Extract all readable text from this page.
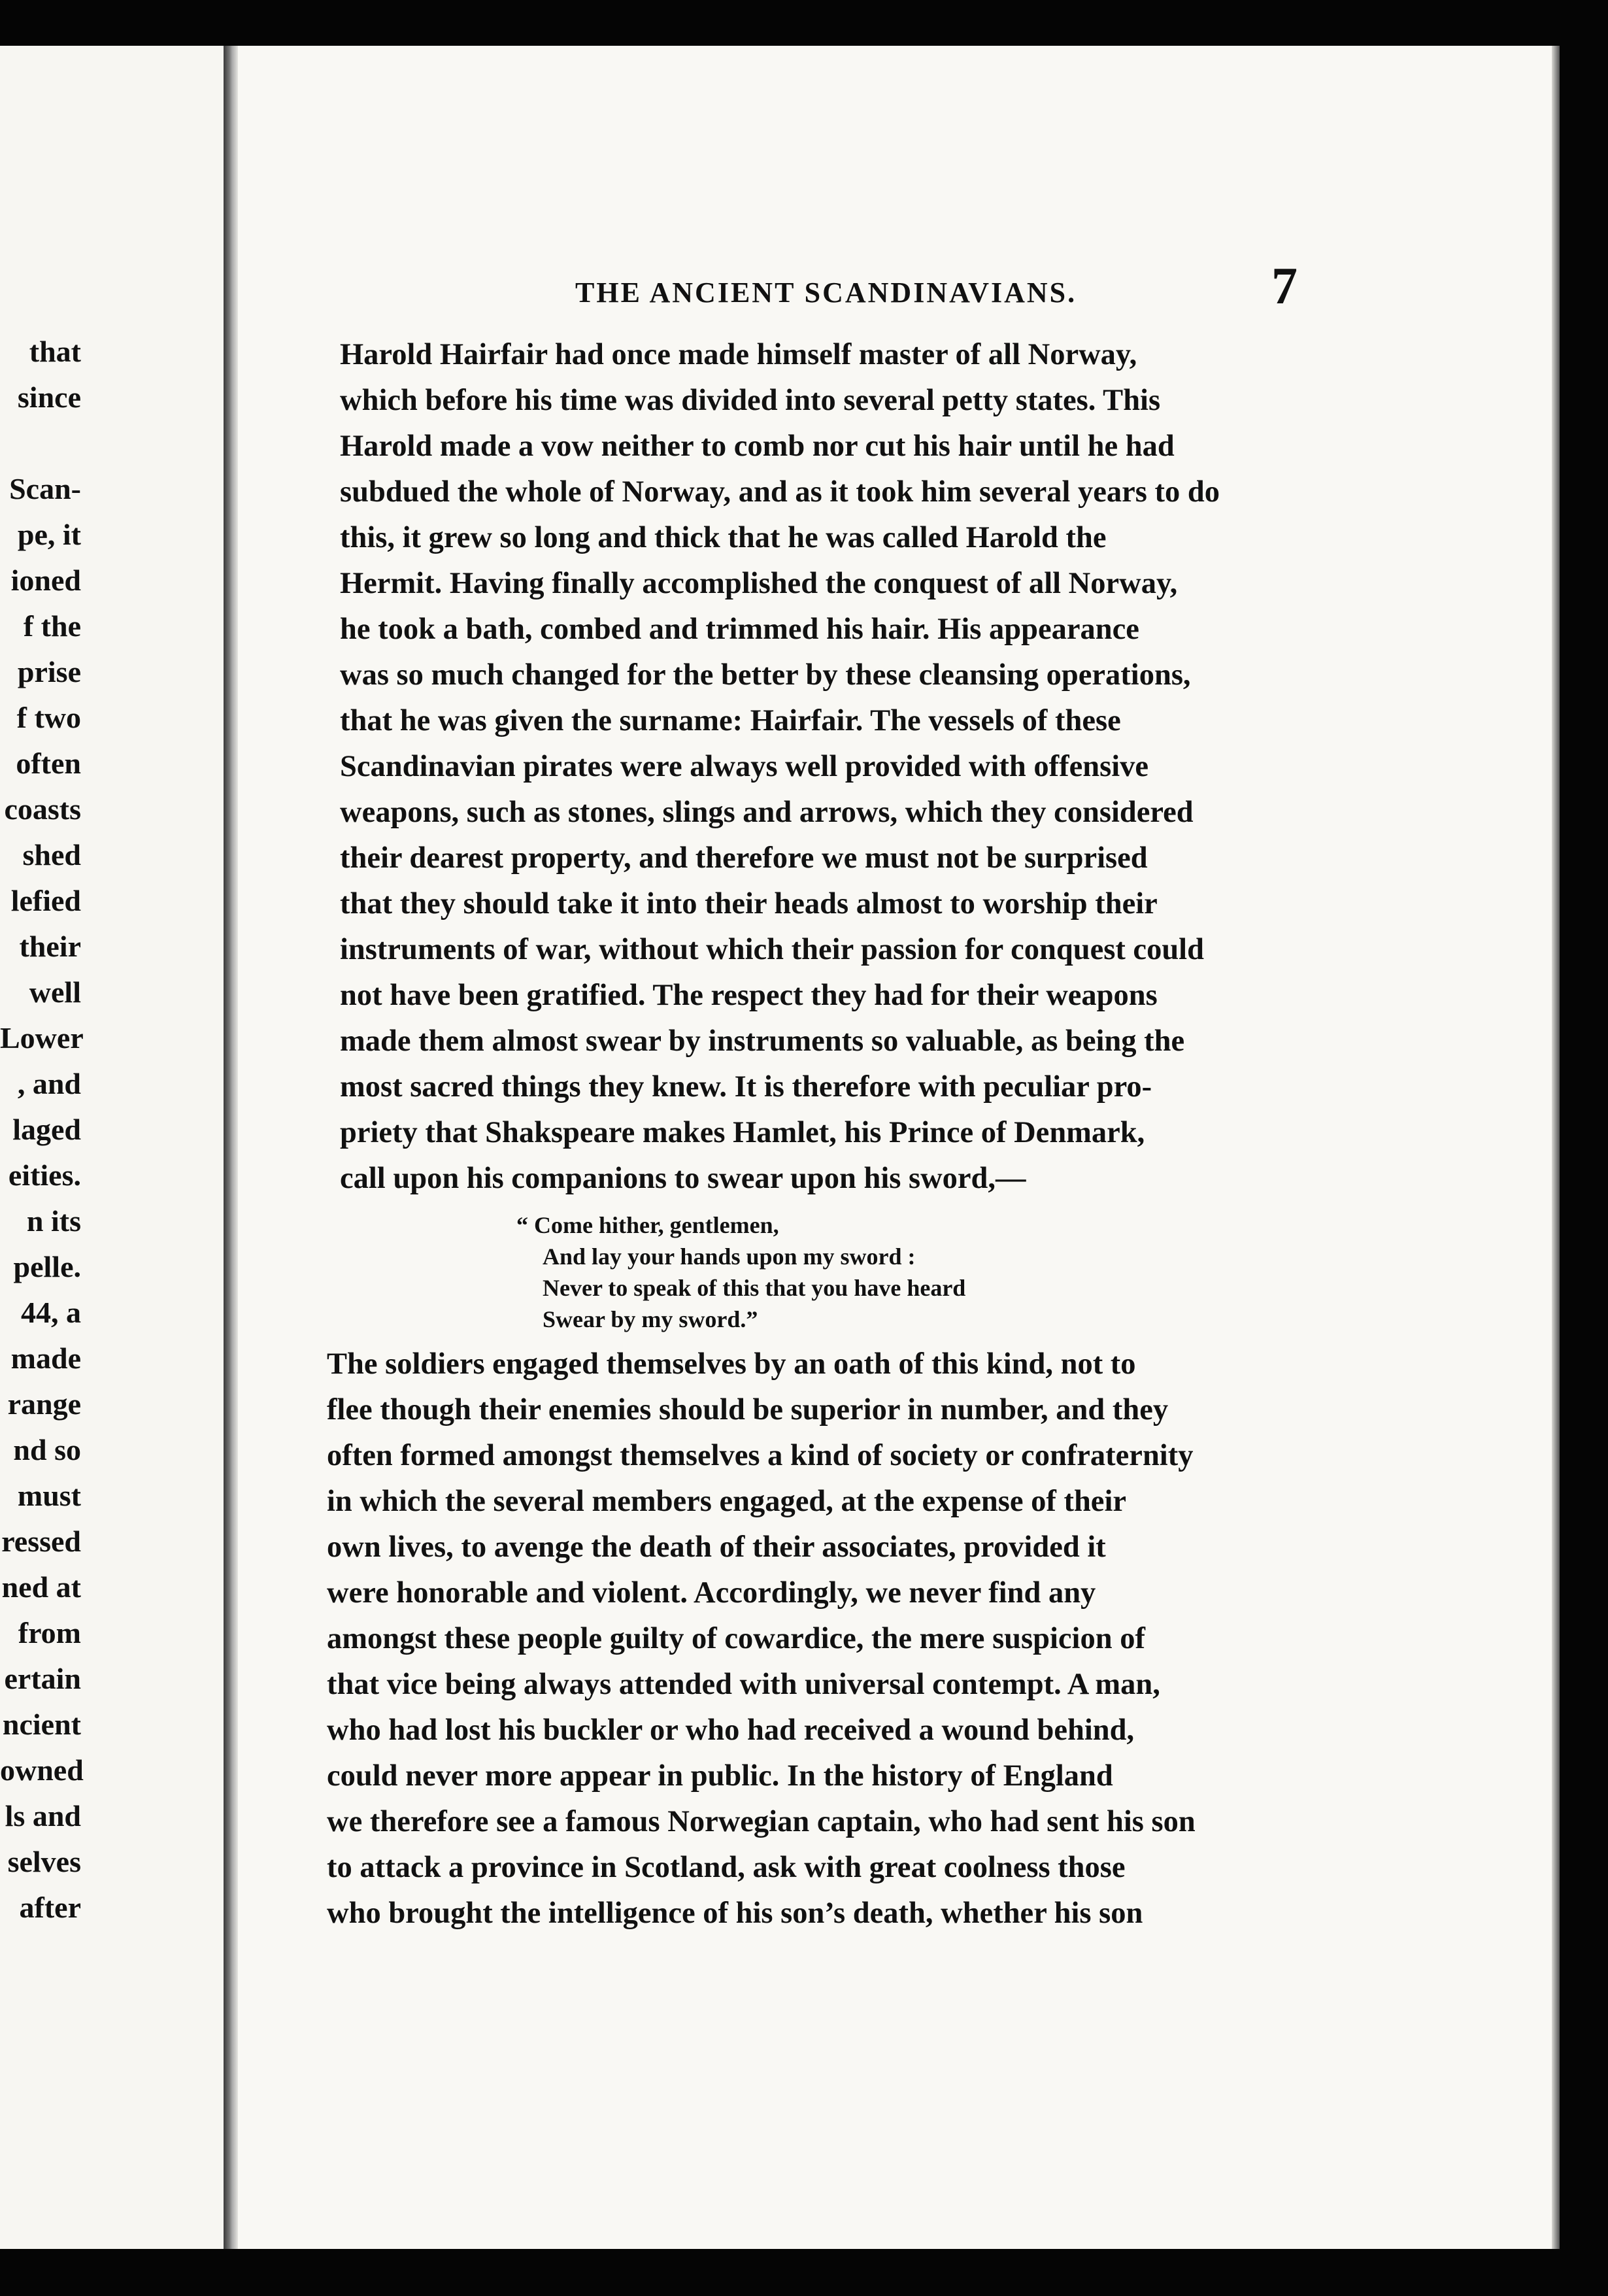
that
since
Scan-
pe, it
ioned
f the
prise
f two
often
coasts
shed
lefied
their
well
Lower
, and
laged
eities.
n its
pelle.
44, a
made
range
nd so
must
ressed
ned at
from
ertain
ncient
owned
ls and
selves
after
THE ANCIENT SCANDINAVIANS.	7
Harold Hairfair had once made himself master of all Norway,
which before his time was divided into several petty states. This
Harold made a vow neither to comb nor cut his hair until he had
subdued the whole of Norway, and as it took him several years to do
this, it grew so long and thick that he was called Harold the
Hermit. Having finally accomplished the conquest of all Norway,
he took a bath, combed and trimmed his hair. His appearance
was so much changed for the better by these cleansing operations,
that he was given the surname: Hairfair. The vessels of these
Scandinavian pirates were always well provided with offensive
weapons, such as stones, slings and arrows, which they considered
their dearest property, and therefore we must not be surprised
that they should take it into their heads almost to worship their
instruments of war, without which their passion for conquest could
not have been gratified. The respect they had for their weapons
made them almost swear by instruments so valuable, as being the
most sacred things they knew. It is therefore with peculiar pro-
priety that Shakspeare makes Hamlet, his Prince of Denmark,
call upon his companions to swear upon his sword,—
“ Come hither, gentlemen,
And lay your hands upon my sword :
Never to speak of this that you have heard
Swear by my sword.”
The soldiers engaged themselves by an oath of this kind, not to
flee though their enemies should be superior in number, and they
often formed amongst themselves a kind of society or confraternity
in which the several members engaged, at the expense of their
own lives, to avenge the death of their associates, provided it
were honorable and violent. Accordingly, we never find any
amongst these people guilty of cowardice, the mere suspicion of
that vice being always attended with universal contempt. A man,
who had lost his buckler or who had received a wound behind,
could never more appear in public. In the history of England
we therefore see a famous Norwegian captain, who had sent his son
to attack a province in Scotland, ask with great coolness those
who brought the intelligence of his son’s death, whether his son
